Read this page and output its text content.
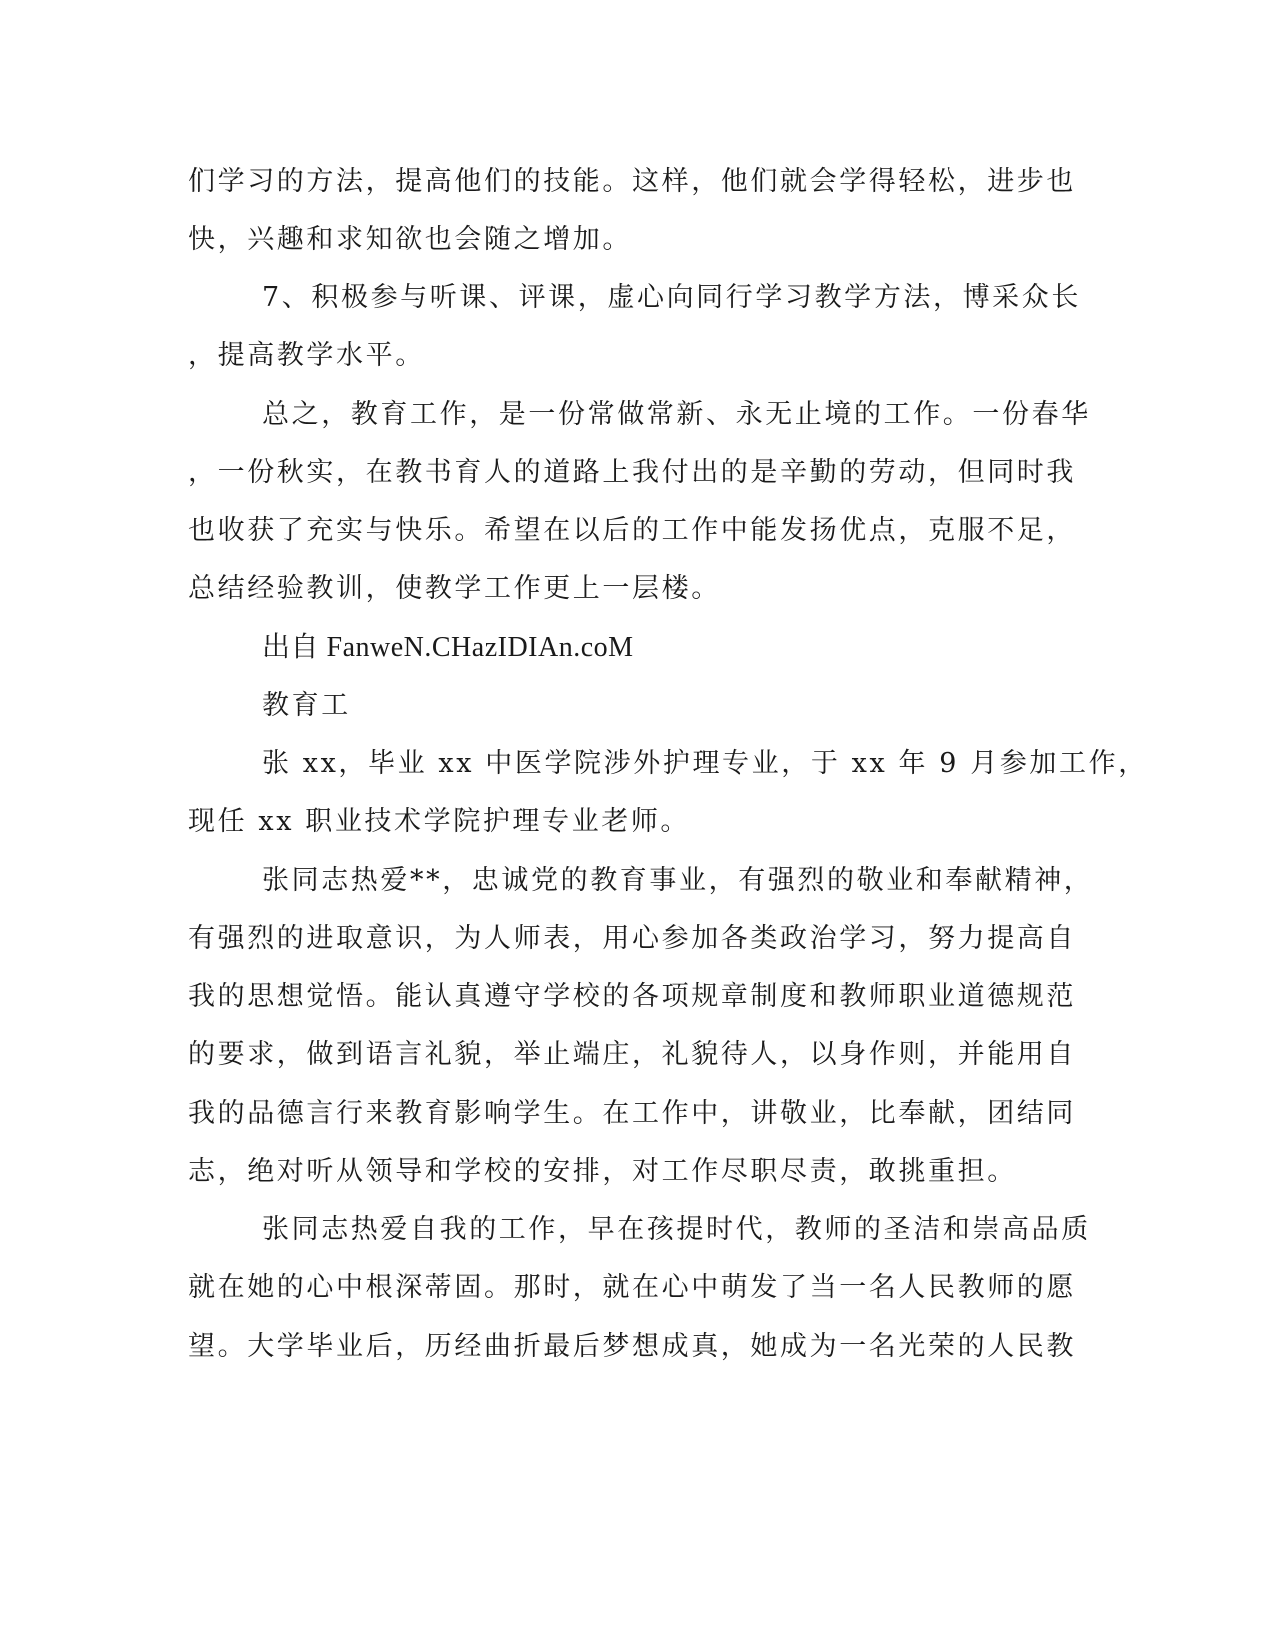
们学习的方法，提高他们的技能。这样，他们就会学得轻松，进步也
快，兴趣和求知欲也会随之增加。
7、积极参与听课、评课，虚心向同行学习教学方法，博采众长
，提高教学水平。
总之，教育工作，是一份常做常新、永无止境的工作。一份春华
，一份秋实，在教书育人的道路上我付出的是辛勤的劳动，但同时我
也收获了充实与快乐。希望在以后的工作中能发扬优点，克服不足，
总结经验教训，使教学工作更上一层楼。
出自 FanweN.CHazIDIAn.coM
教育工
张 xx，毕业 xx 中医学院涉外护理专业，于 xx 年 9 月参加工作，
现任 xx 职业技术学院护理专业老师。
张同志热爱**，忠诚党的教育事业，有强烈的敬业和奉献精神，
有强烈的进取意识，为人师表，用心参加各类政治学习，努力提高自
我的思想觉悟。能认真遵守学校的各项规章制度和教师职业道德规范
的要求，做到语言礼貌，举止端庄，礼貌待人，以身作则，并能用自
我的品德言行来教育影响学生。在工作中，讲敬业，比奉献，团结同
志，绝对听从领导和学校的安排，对工作尽职尽责，敢挑重担。
张同志热爱自我的工作，早在孩提时代，教师的圣洁和崇高品质
就在她的心中根深蒂固。那时，就在心中萌发了当一名人民教师的愿
望。大学毕业后，历经曲折最后梦想成真，她成为一名光荣的人民教
